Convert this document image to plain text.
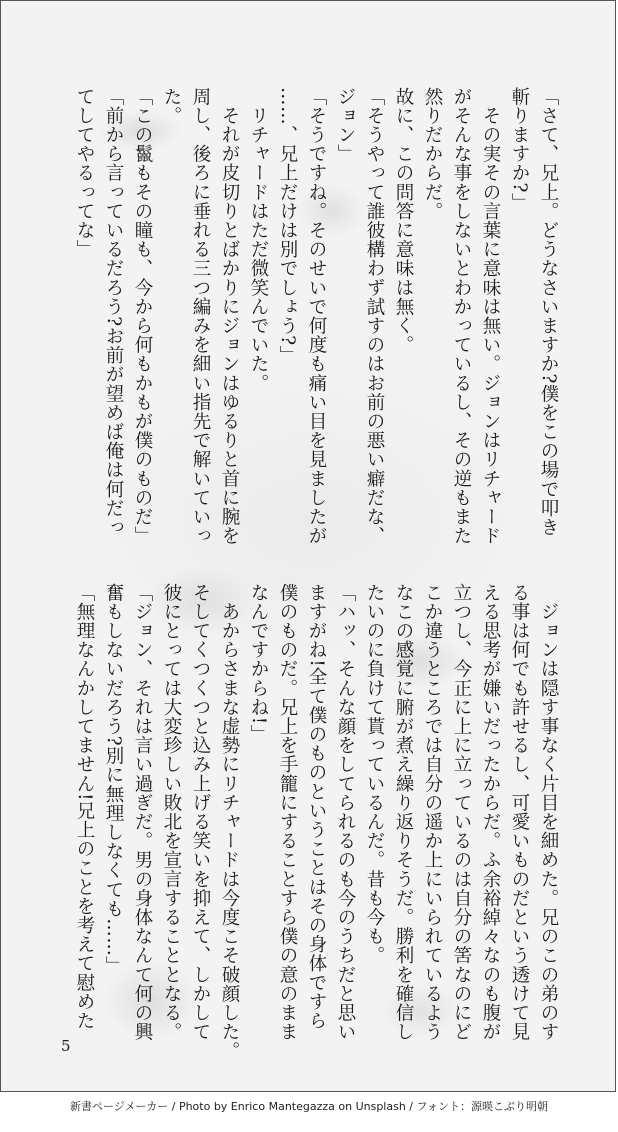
「さて、兄上。どうなさいますか?僕をこの場で叩き
斬りますか?」
　その実その言葉に意味は無い。ジョンはリチャード
がそんな事をしないとわかっているし、その逆もまた
然りだからだ。
故に、この問答に意味は無く。
「そうやって誰彼構わず試すのはお前の悪い癖だな、
ジョン」
「そうですね。そのせいで何度も痛い目を見ましたが
……、兄上だけは別でしょう?」
　リチャードはただ微笑んでいた。
　それが皮切りとばかりにジョンはゆるりと首に腕を
周し、後ろに垂れる三つ編みを細い指先で解いていっ
た。
「この鬣もその瞳も、今から何もかもが僕のものだ」
「前から言っているだろう?お前が望めば俺は何だっ
てしてやるってな」
　ジョンは隠す事なく片目を細めた。兄のこの弟のす
る事は何でも許せるし、可愛いものだという透けて見
える思考が嫌いだったからだ。ふ余裕綽々なのも腹が
立つし、今正に上に立っているのは自分の筈なのにど
こか違うところでは自分の遥か上にいられているよう
なこの感覚に腑が煮え繰り返りそうだ。勝利を確信し
たいのに負けて貰っているんだ。昔も今も。
「ハッ、そんな顔をしてられるのも今のうちだと思い
ますがね!全て僕のものということはその身体ですら
僕のものだ。兄上を手籠にすることすら僕の意のまま
なんですからね!」
　あからさまな虚勢にリチャードは今度こそ破顔した。
そしてくつくつと込み上げる笑いを抑えて、しかして
彼にとっては大変珍しい敗北を宣言することとなる。
「ジョン、それは言い過ぎだ。男の身体なんて何の興
奮もしないだろう?別に無理しなくても……」
「無理なんかしてません!兄上のことを考えて慰めた
5
新書ページメーカー / Photo by Enrico Mantegazza on Unsplash / フォント：源暎こぶり明朝
